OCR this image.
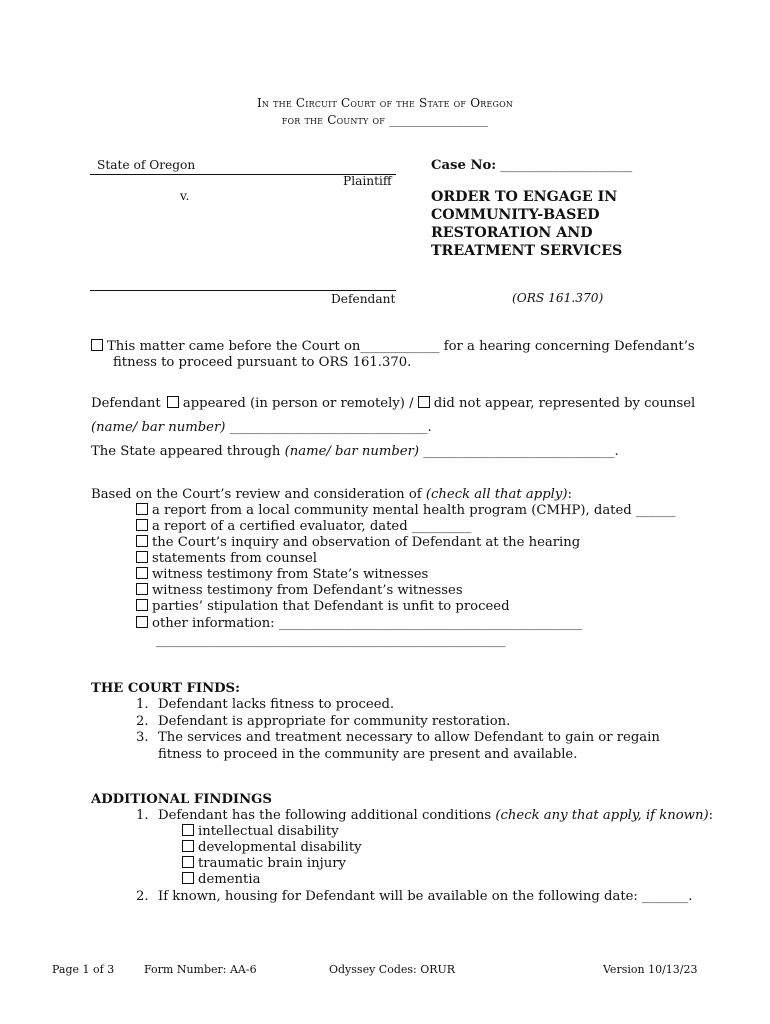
In the Circuit Court of the State of Oregon
for the County of ________________
State of Oregon
Plaintiff
v.
Defendant
Case No: ____________________
ORDER TO ENGAGE IN COMMUNITY-BASED RESTORATION AND TREATMENT SERVICES
(ORS 161.370)
This matter came before the Court on____________ for a hearing concerning Defendant’s
fitness to proceed pursuant to ORS 161.370.
Defendant appeared (in person or remotely) / did not appear, represented by counsel
(name/ bar number) ______________________________.
The State appeared through (name/ bar number) _____________________________.
Based on the Court’s review and consideration of (check all that apply):
a report from a local community mental health program (CMHP), dated ______
a report of a certified evaluator, dated _________
the Court’s inquiry and observation of Defendant at the hearing
statements from counsel
witness testimony from State’s witnesses
witness testimony from Defendant’s witnesses
parties’ stipulation that Defendant is unfit to proceed
other information: ______________________________________________
_____________________________________________________
THE COURT FINDS:
1. Defendant lacks fitness to proceed.
2. Defendant is appropriate for community restoration.
3. The services and treatment necessary to allow Defendant to gain or regain fitness to proceed in the community are present and available.
ADDITIONAL FINDINGS
1. Defendant has the following additional conditions (check any that apply, if known):
intellectual disability
developmental disability
traumatic brain injury
dementia
2. If known, housing for Defendant will be available on the following date: _______.
Page 1 of 3	Form Number: AA-6	Odyssey Codes: ORUR	Version 10/13/23
